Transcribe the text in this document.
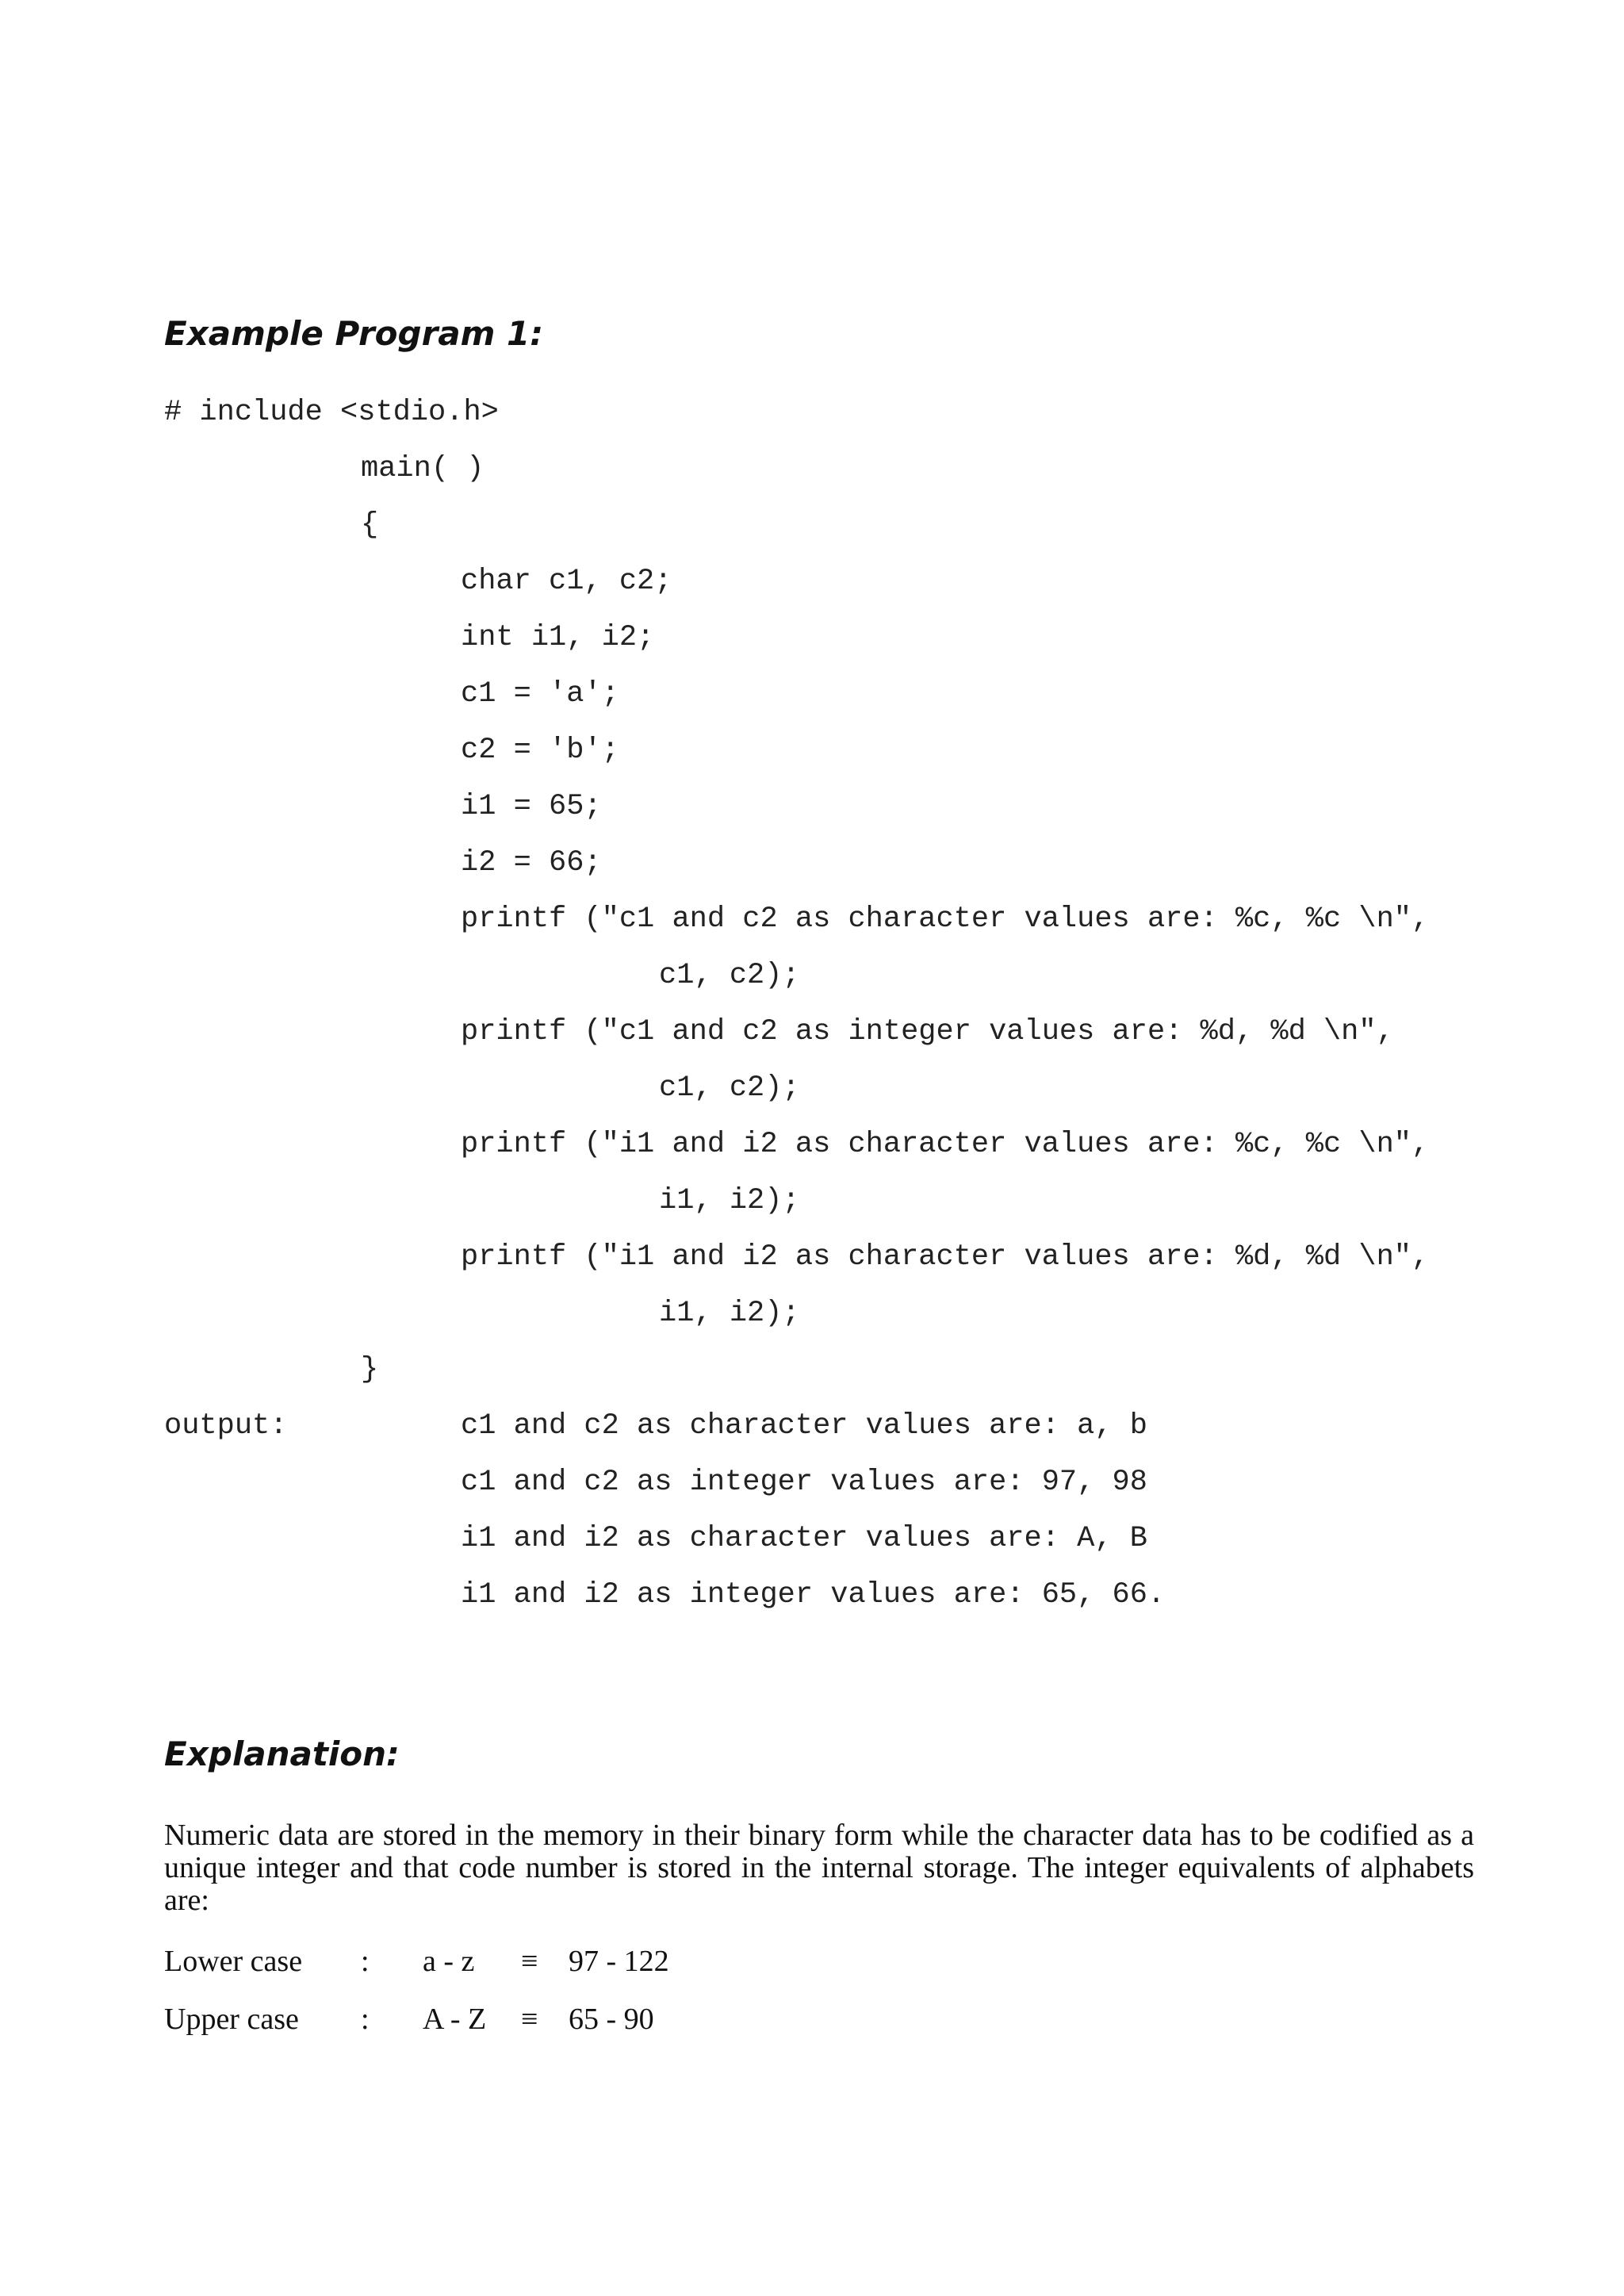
Example Program 1:
# include <stdio.h>
main( )
{
char c1, c2;
int i1, i2;
c1 = 'a';
c2 = 'b';
i1 = 65;
i2 = 66;
printf ("c1 and c2 as character values are: %c, %c \n",
c1, c2);
printf ("c1 and c2 as integer values are: %d, %d \n",
c1, c2);
printf ("i1 and i2 as character values are: %c, %c \n",
i1, i2);
printf ("i1 and i2 as character values are: %d, %d \n",
i1, i2);
}
output:	c1 and c2 as character values are: a, b
c1 and c2 as integer values are: 97, 98
i1 and i2 as character values are: A, B
i1 and i2 as integer values are: 65, 66.
Explanation:

Numeric data are stored in the memory in their binary form while the character data has to be codified as a unique integer and that code number is stored in the internal storage. The integer equivalents of alphabets are:

Lower case : a - z ≡ 97 - 122
Upper case : A - Z ≡ 65 - 90
